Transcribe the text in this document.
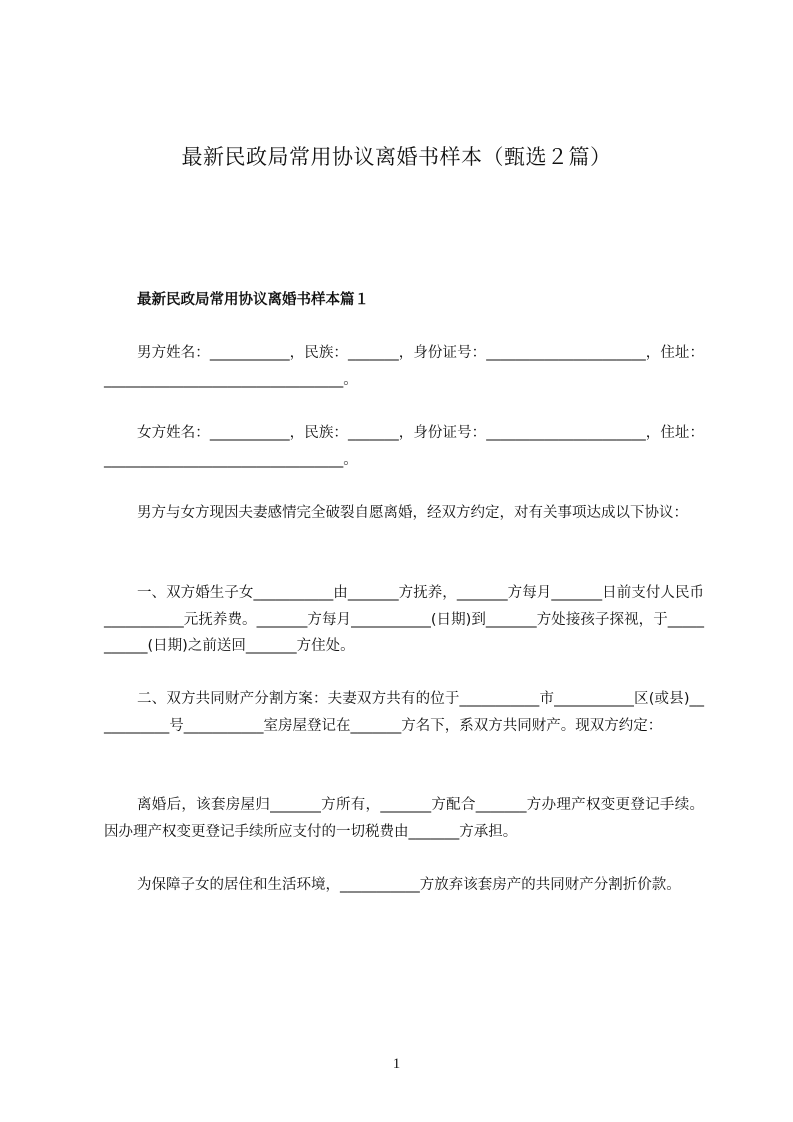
最新民政局常用协议离婚书样本（甄选２篇）
最新民政局常用协议离婚书样本篇１

男方姓名：___________，民族：_______，身份证号：______________________，住址：_________________________________。

女方姓名：___________，民族：_______，身份证号：______________________，住址：_________________________________。

男方与女方现因夫妻感情完全破裂自愿离婚，经双方约定，对有关事项达成以下协议：

一、双方婚生子女___________由_______方抚养，_______方每月_______日前支付人民币___________元抚养费。_______方每月___________(日期)到_______方处接孩子探视，于___________(日期)之前送回_______方住处。

二、双方共同财产分割方案：夫妻双方共有的位于___________市___________区(或县)___________号___________室房屋登记在_______方名下，系双方共同财产。现双方约定：

离婚后，该套房屋归_______方所有，_______方配合_______方办理产权变更登记手续。因办理产权变更登记手续所应支付的一切税费由_______方承担。

为保障子女的居住和生活环境，___________方放弃该套房产的共同财产分割折价款。

1
